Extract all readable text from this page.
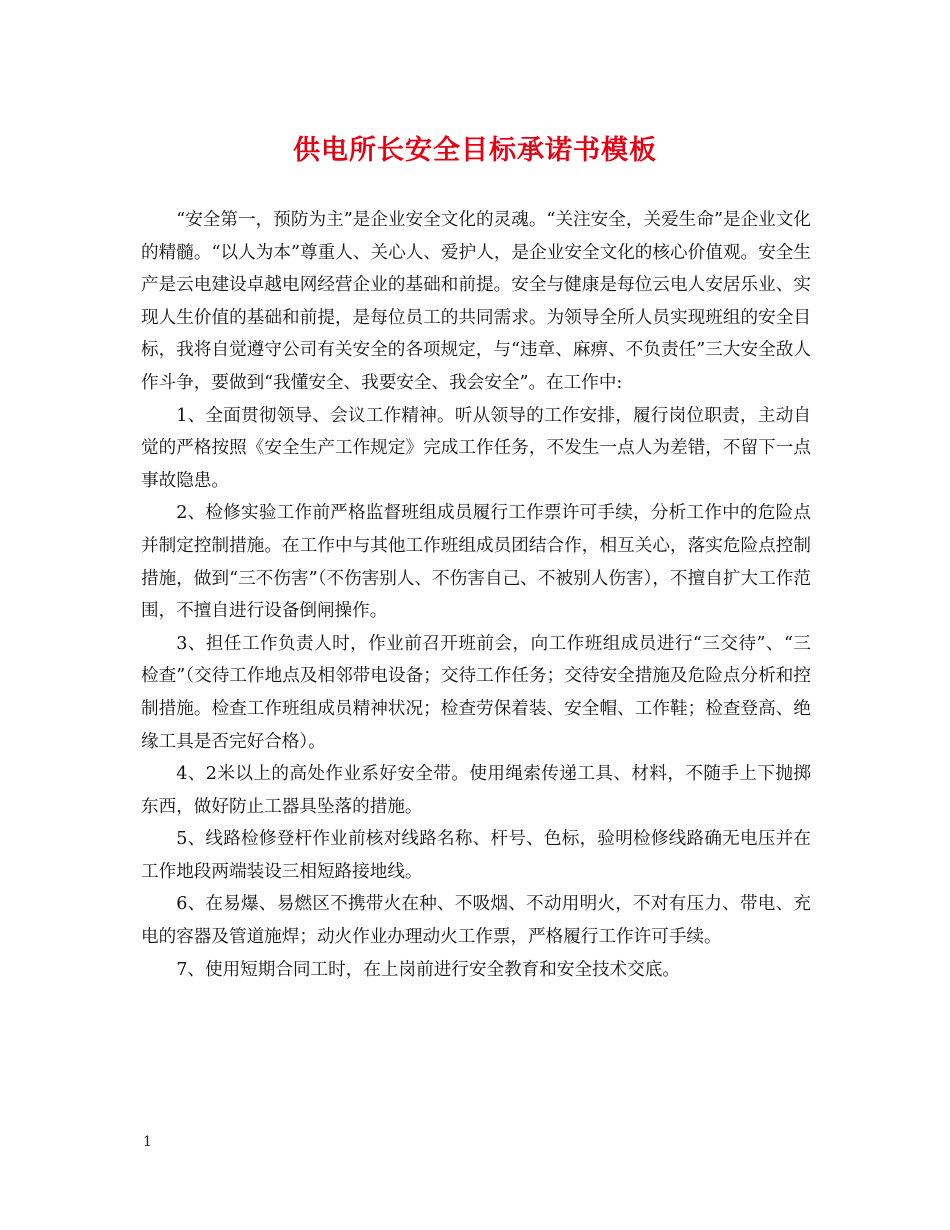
供电所长安全目标承诺书模板

“安全第一，预防为主”是企业安全文化的灵魂。“关注安全，关爱生命”是企业文化的精髓。“以人为本”尊重人、关心人、爱护人，是企业安全文化的核心价值观。安全生产是云电建设卓越电网经营企业的基础和前提。安全与健康是每位云电人安居乐业、实现人生价值的基础和前提，是每位员工的共同需求。为领导全所人员实现班组的安全目标，我将自觉遵守公司有关安全的各项规定，与“违章、麻痹、不负责任”三大安全敌人作斗争，要做到“我懂安全、我要安全、我会安全”。在工作中:

1、全面贯彻领导、会议工作精神。听从领导的工作安排，履行岗位职责，主动自觉的严格按照《安全生产工作规定》完成工作任务，不发生一点人为差错，不留下一点事故隐患。

2、检修实验工作前严格监督班组成员履行工作票许可手续，分析工作中的危险点并制定控制措施。在工作中与其他工作班组成员团结合作，相互关心，落实危险点控制措施，做到“三不伤害”（不伤害别人、不伤害自己、不被别人伤害），不擅自扩大工作范围，不擅自进行设备倒闸操作。

3、担任工作负责人时，作业前召开班前会，向工作班组成员进行“三交待”、“三检查”（交待工作地点及相邻带电设备；交待工作任务；交待安全措施及危险点分析和控制措施。检查工作班组成员精神状况；检查劳保着装、安全帽、工作鞋；检查登高、绝缘工具是否完好合格）。

4、2米以上的高处作业系好安全带。使用绳索传递工具、材料，不随手上下抛掷东西，做好防止工器具坠落的措施。

5、线路检修登杆作业前核对线路名称、杆号、色标，验明检修线路确无电压并在工作地段两端装设三相短路接地线。

6、在易爆、易燃区不携带火在种、不吸烟、不动用明火，不对有压力、带电、充电的容器及管道施焊；动火作业办理动火工作票，严格履行工作许可手续。

7、使用短期合同工时，在上岗前进行安全教育和安全技术交底。

1
